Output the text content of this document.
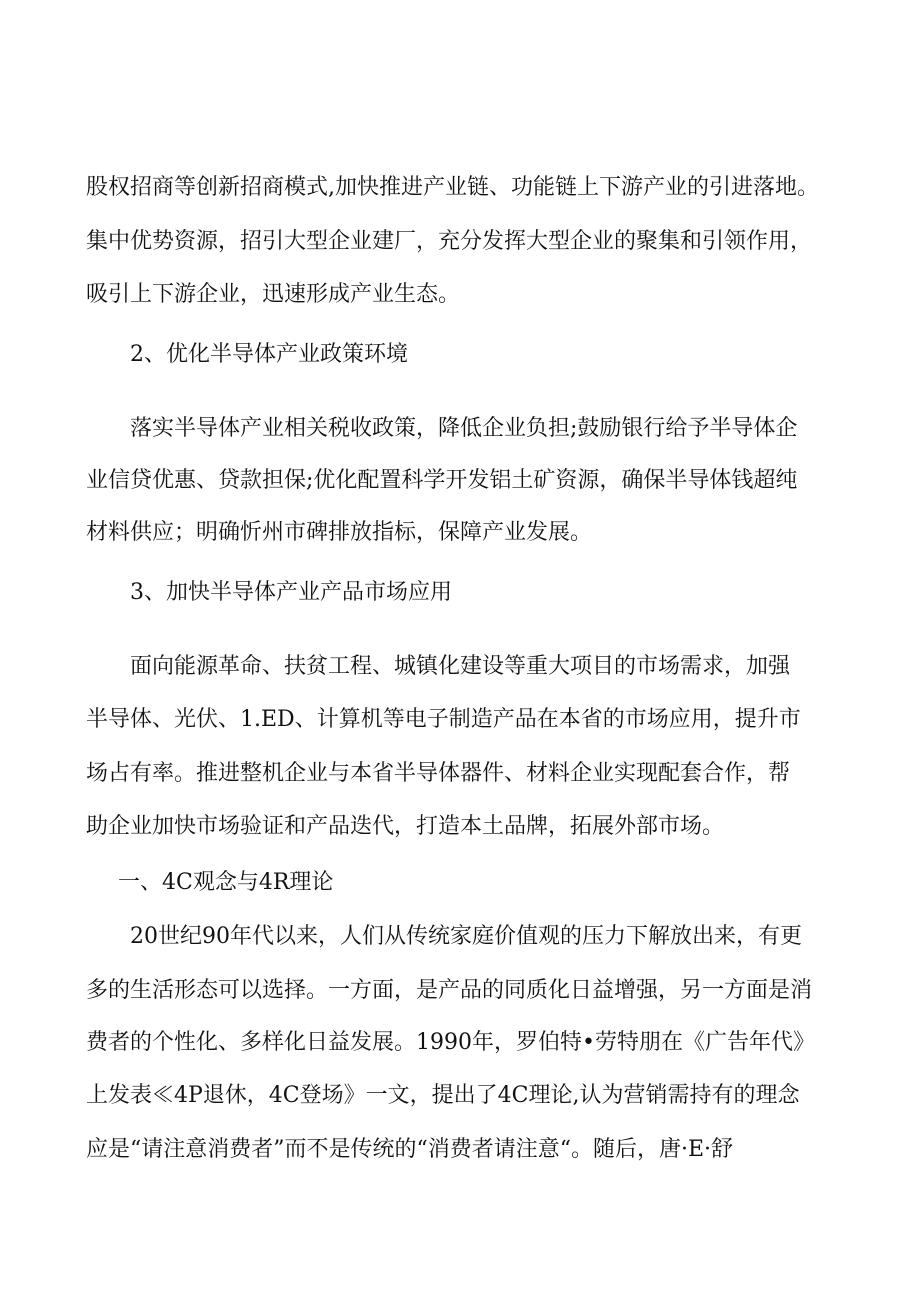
股权招商等创新招商模式,加快推进产业链、功能链上下游产业的引进落地。
集中优势资源，招引大型企业建厂，充分发挥大型企业的聚集和引领作用，
吸引上下游企业，迅速形成产业生态。
2、优化半导体产业政策环境
落实半导体产业相关税收政策，降低企业负担;鼓励银行给予半导体企
业信贷优惠、贷款担保;优化配置科学开发铝土矿资源，确保半导体钱超纯
材料供应；明确忻州市碑排放指标，保障产业发展。
3、加快半导体产业产品市场应用
面向能源革命、扶贫工程、城镇化建设等重大项目的市场需求，加强
半导体、光伏、1.ED、计算机等电子制造产品在本省的市场应用，提升市
场占有率。推进整机企业与本省半导体器件、材料企业实现配套合作，帮
助企业加快市场验证和产品迭代，打造本土品牌，拓展外部市场。
一、4C观念与4R理论
20世纪90年代以来，人们从传统家庭价值观的压力下解放出来，有更
多的生活形态可以选择。一方面，是产品的同质化日益增强，另一方面是消
费者的个性化、多样化日益发展。1990年，罗伯特•劳特朋在《广告年代》
上发表≪4P退休，4C登场》一文，提出了4C理论,认为营销需持有的理念
应是“请注意消费者”而不是传统的“消费者请注意“。随后，唐·E·舒
